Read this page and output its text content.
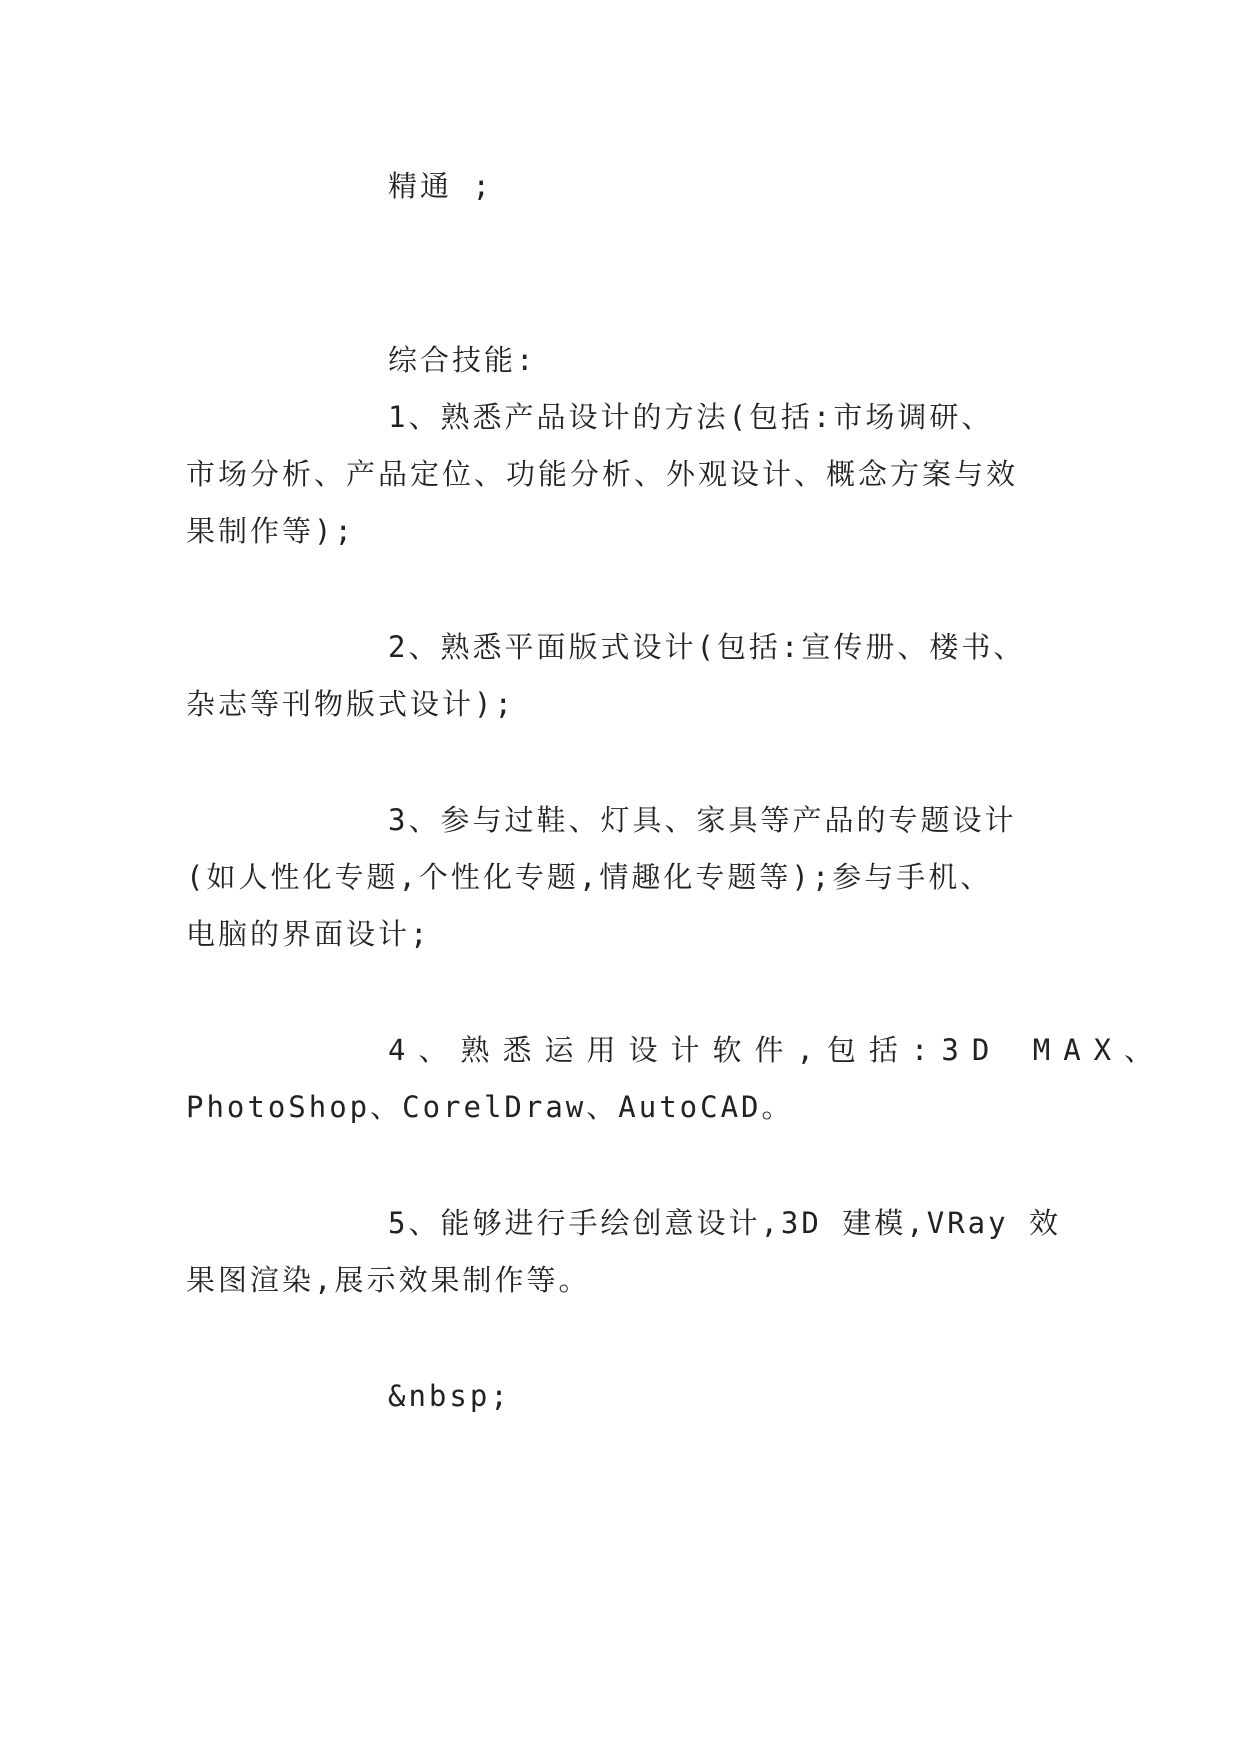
精通 ;

综合技能:

1、熟悉产品设计的方法(包括:市场调研、

市场分析、产品定位、功能分析、外观设计、概念方案与效

果制作等);

2、熟悉平面版式设计(包括:宣传册、楼书、

杂志等刊物版式设计);

3、参与过鞋、灯具、家具等产品的专题设计

(如人性化专题,个性化专题,情趣化专题等);参与手机、

电脑的界面设计;

4、熟悉运用设计软件,包括:3D MAX、

PhotoShop、CorelDraw、AutoCAD。

5、能够进行手绘创意设计,3D 建模,VRay 效

果图渲染,展示效果制作等。

&nbsp;
